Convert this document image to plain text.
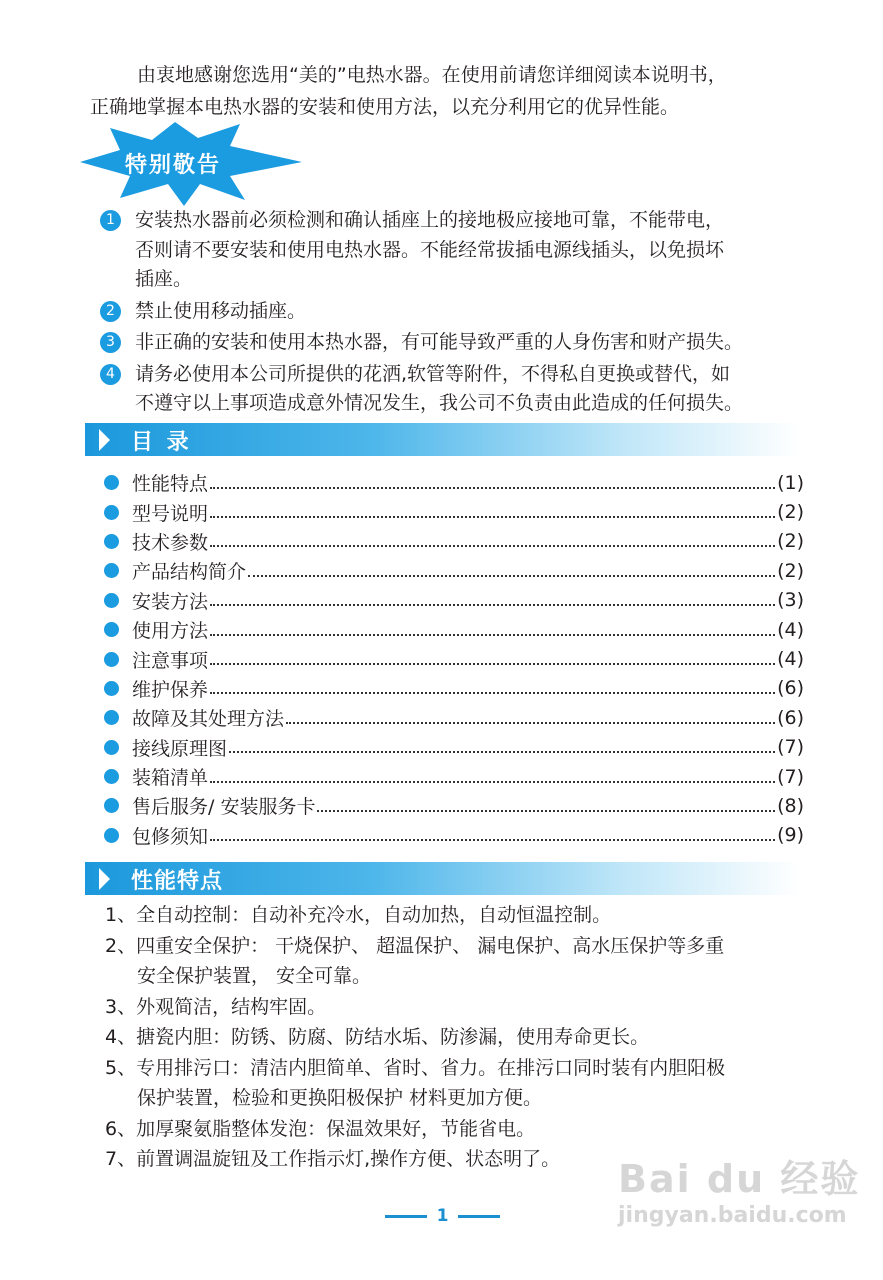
由衷地感谢您选用“美的”电热水器。在使用前请您详细阅读本说明书，
正确地掌握本电热水器的安装和使用方法，以充分利用它的优异性能。
特别敬告
1	安装热水器前必须检测和确认插座上的接地极应接地可靠，不能带电，
否则请不要安装和使用电热水器。不能经常拔插电源线插头，以免损坏
插座。
2	禁止使用移动插座。
3	非正确的安装和使用本热水器，有可能导致严重的人身伤害和财产损失。
4	请务必使用本公司所提供的花洒,软管等附件，不得私自更换或替代，如
不遵守以上事项造成意外情况发生，我公司不负责由此造成的任何损失。
目 录
性能特点	(1)
型号说明	(2)
技术参数	(2)
产品结构简介	(2)
安装方法	(3)
使用方法	(4)
注意事项	(4)
维护保养	(6)
故障及其处理方法	(6)
接线原理图	(7)
装箱清单	(7)
售后服务/ 安装服务卡	(8)
包修须知	(9)
性能特点
1、全自动控制：自动补充冷水，自动加热，自动恒温控制。
2、四重安全保护： 干烧保护、 超温保护、 漏电保护、高水压保护等多重
安全保护装置， 安全可靠。
3、外观简洁，结构牢固。
4、搪瓷内胆：防锈、防腐、防结水垢、防渗漏，使用寿命更长。
5、专用排污口：清洁内胆简单、省时、省力。在排污口同时装有内胆阳极
保护装置，检验和更换阳极保护 材料更加方便。
6、加厚聚氨脂整体发泡：保温效果好，节能省电。
7、前置调温旋钮及工作指示灯,操作方便、状态明了。
1
Bai du 经验
jingyan.baidu.com
